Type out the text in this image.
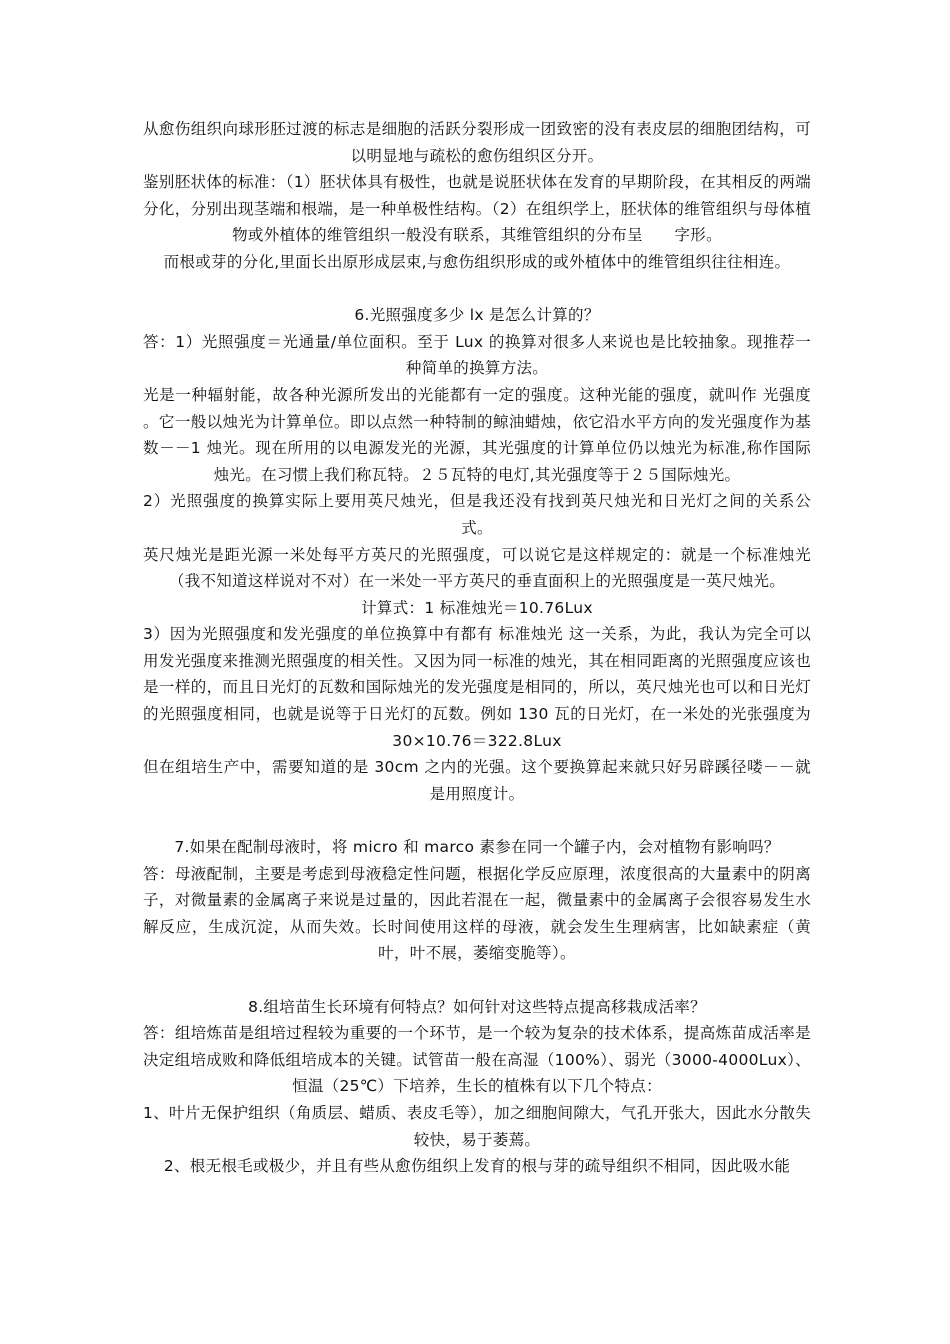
从愈伤组织向球形胚过渡的标志是细胞的活跃分裂形成一团致密的没有表皮层的细胞团结构，可以明显地与疏松的愈伤组织区分开。

鉴别胚状体的标准：（1）胚状体具有极性，也就是说胚状体在发育的早期阶段，在其相反的两端分化，分别出现茎端和根端，是一种单极性结构。（2）在组织学上，胚状体的维管组织与母体植物或外植体的维管组织一般没有联系，其维管组织的分布呈　　字形。

而根或芽的分化,里面长出原形成层束,与愈伤组织形成的或外植体中的维管组织往往相连。

6.光照强度多少 lx 是怎么计算的？

答：1）光照强度＝光通量/单位面积。至于 Lux 的换算对很多人来说也是比较抽象。现推荐一种简单的换算方法。

光是一种辐射能，故各种光源所发出的光能都有一定的强度。这种光能的强度，就叫作 光强度 。它一般以烛光为计算单位。即以点然一种特制的鲸油蜡烛，依它沿水平方向的发光强度作为基数－－1 烛光。现在所用的以电源发光的光源，其光强度的计算单位仍以烛光为标准,称作国际烛光。在习惯上我们称瓦特。２５瓦特的电灯,其光强度等于２５国际烛光。

2）光照强度的换算实际上要用英尺烛光，但是我还没有找到英尺烛光和日光灯之间的关系公式。

英尺烛光是距光源一米处每平方英尺的光照强度，可以说它是这样规定的：就是一个标准烛光（我不知道这样说对不对）在一米处一平方英尺的垂直面积上的光照强度是一英尺烛光。

计算式：1 标准烛光＝10.76Lux

3）因为光照强度和发光强度的单位换算中有都有 标准烛光 这一关系，为此，我认为完全可以用发光强度来推测光照强度的相关性。又因为同一标准的烛光，其在相同距离的光照强度应该也是一样的，而且日光灯的瓦数和国际烛光的发光强度是相同的，所以，英尺烛光也可以和日光灯的光照强度相同，也就是说等于日光灯的瓦数。例如 130 瓦的日光灯，在一米处的光张强度为 30×10.76＝322.8Lux

但在组培生产中，需要知道的是 30cm 之内的光强。这个要换算起来就只好另辟蹊径喽－－就是用照度计。

7.如果在配制母液时，将 micro 和 marco 素参在同一个罐子内，会对植物有影响吗？

答：母液配制，主要是考虑到母液稳定性问题，根据化学反应原理，浓度很高的大量素中的阴离子，对微量素的金属离子来说是过量的，因此若混在一起，微量素中的金属离子会很容易发生水解反应，生成沉淀，从而失效。长时间使用这样的母液，就会发生生理病害，比如缺素症（黄叶，叶不展，萎缩变脆等）。

8.组培苗生长环境有何特点？如何针对这些特点提高移栽成活率？

答：组培炼苗是组培过程较为重要的一个环节，是一个较为复杂的技术体系，提高炼苗成活率是决定组培成败和降低组培成本的关键。试管苗一般在高湿（100%）、弱光（3000-4000Lux）、恒温（25℃）下培养，生长的植株有以下几个特点：

1、叶片无保护组织（角质层、蜡质、表皮毛等），加之细胞间隙大，气孔开张大，因此水分散失较快，易于萎蔫。

2、根无根毛或极少，并且有些从愈伤组织上发育的根与芽的疏导组织不相同，因此吸水能
